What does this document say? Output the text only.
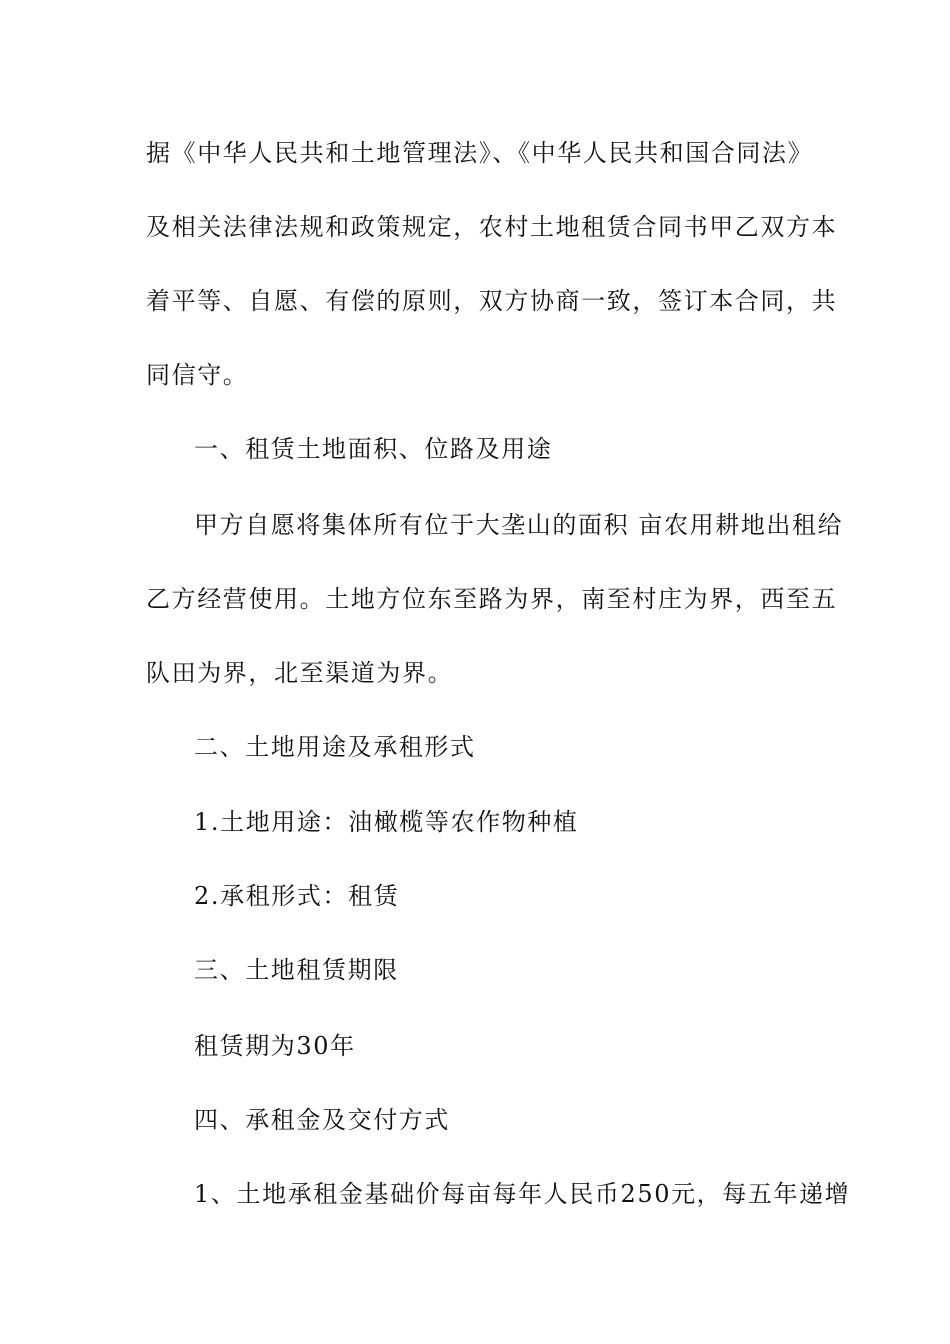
据《中华人民共和土地管理法》、《中华人民共和国合同法》
及相关法律法规和政策规定，农村土地租赁合同书甲乙双方本
着平等、自愿、有偿的原则，双方协商一致，签订本合同，共
同信守。
一、租赁土地面积、位路及用途
甲方自愿将集体所有位于大垄山的面积 亩农用耕地出租给
乙方经营使用。土地方位东至路为界，南至村庄为界，西至五
队田为界，北至渠道为界。
二、土地用途及承租形式
1.土地用途：油橄榄等农作物种植
2.承租形式：租赁
三、土地租赁期限
租赁期为30年
四、承租金及交付方式
1、土地承租金基础价每亩每年人民币250元，每五年递增
